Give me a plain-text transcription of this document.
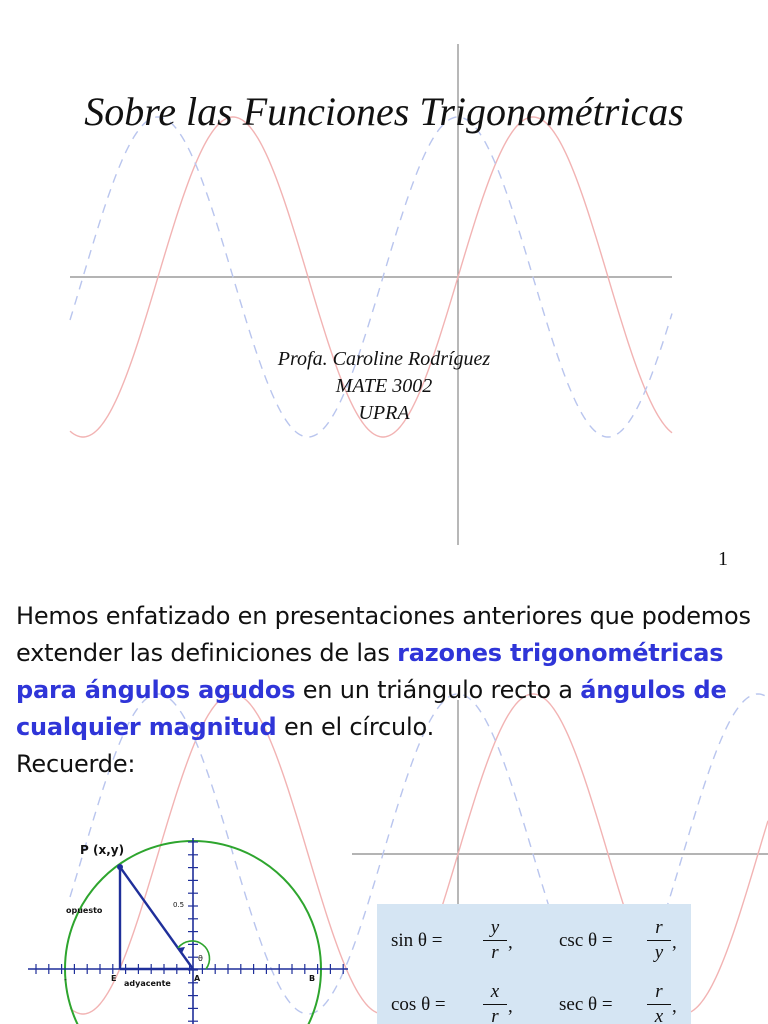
Sobre las Funciones Trigonométricas
Profa. Caroline Rodríguez
MATE 3002
UPRA
1
Hemos enfatizado en presentaciones anteriores que podemos extender las definiciones de las razones trigonométricas para ángulos agudos en un triángulo recto a ángulos de cualquier magnitud en el círculo.
Recuerde:
P (x,y)
opuesto
adyacente
0.5
θ
E	A	B
-
sin θ =
y
r , csc θ =
r
y ,
cos θ =
x
r , sec θ =
r
x ,
